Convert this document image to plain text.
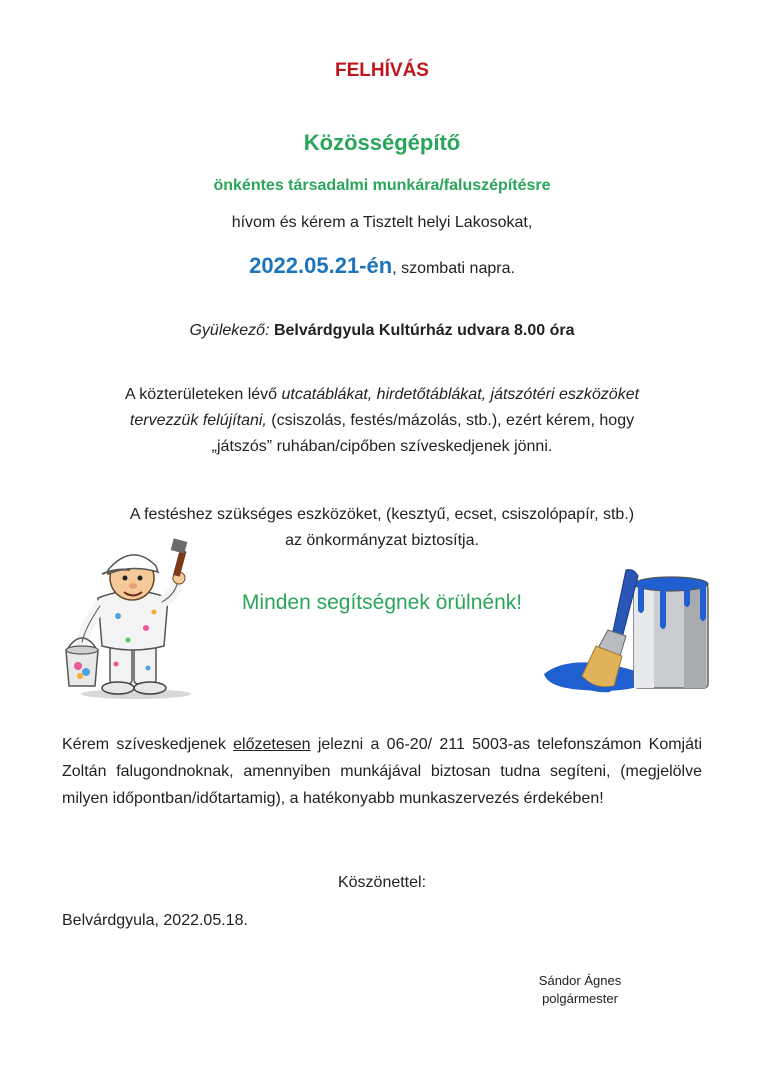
FELHÍVÁS
Közösségépítő
önkéntes társadalmi munkára/faluszépítésre
hívom és kérem a Tisztelt helyi Lakosokat,
2022.05.21-én, szombati napra.
Gyülekező: Belvárdgyula Kultúrház udvara 8.00 óra
A közterületeken lévő utcatáblákat, hirdetőtáblákat, játszótéri eszközöket
tervezzük felújítani, (csiszolás, festés/mázolás, stb.), ezért kérem, hogy
„játszós” ruhában/cipőben szíveskedjenek jönni.
A festéshez szükséges eszközöket, (kesztyű, ecset, csiszolópapír, stb.)
az önkormányzat biztosítja.
Minden segítségnek örülnénk!
Kérem szíveskedjenek előzetesen jelezni a 06-20/ 211 5003-as telefonszámon Komjáti Zoltán falugondnoknak, amennyiben munkájával biztosan tudna segíteni, (megjelölve milyen időpontban/időtartamig), a hatékonyabb munkaszervezés érdekében!
Köszönettel:
Belvárdgyula, 2022.05.18.
Sándor Ágnes
polgármester
